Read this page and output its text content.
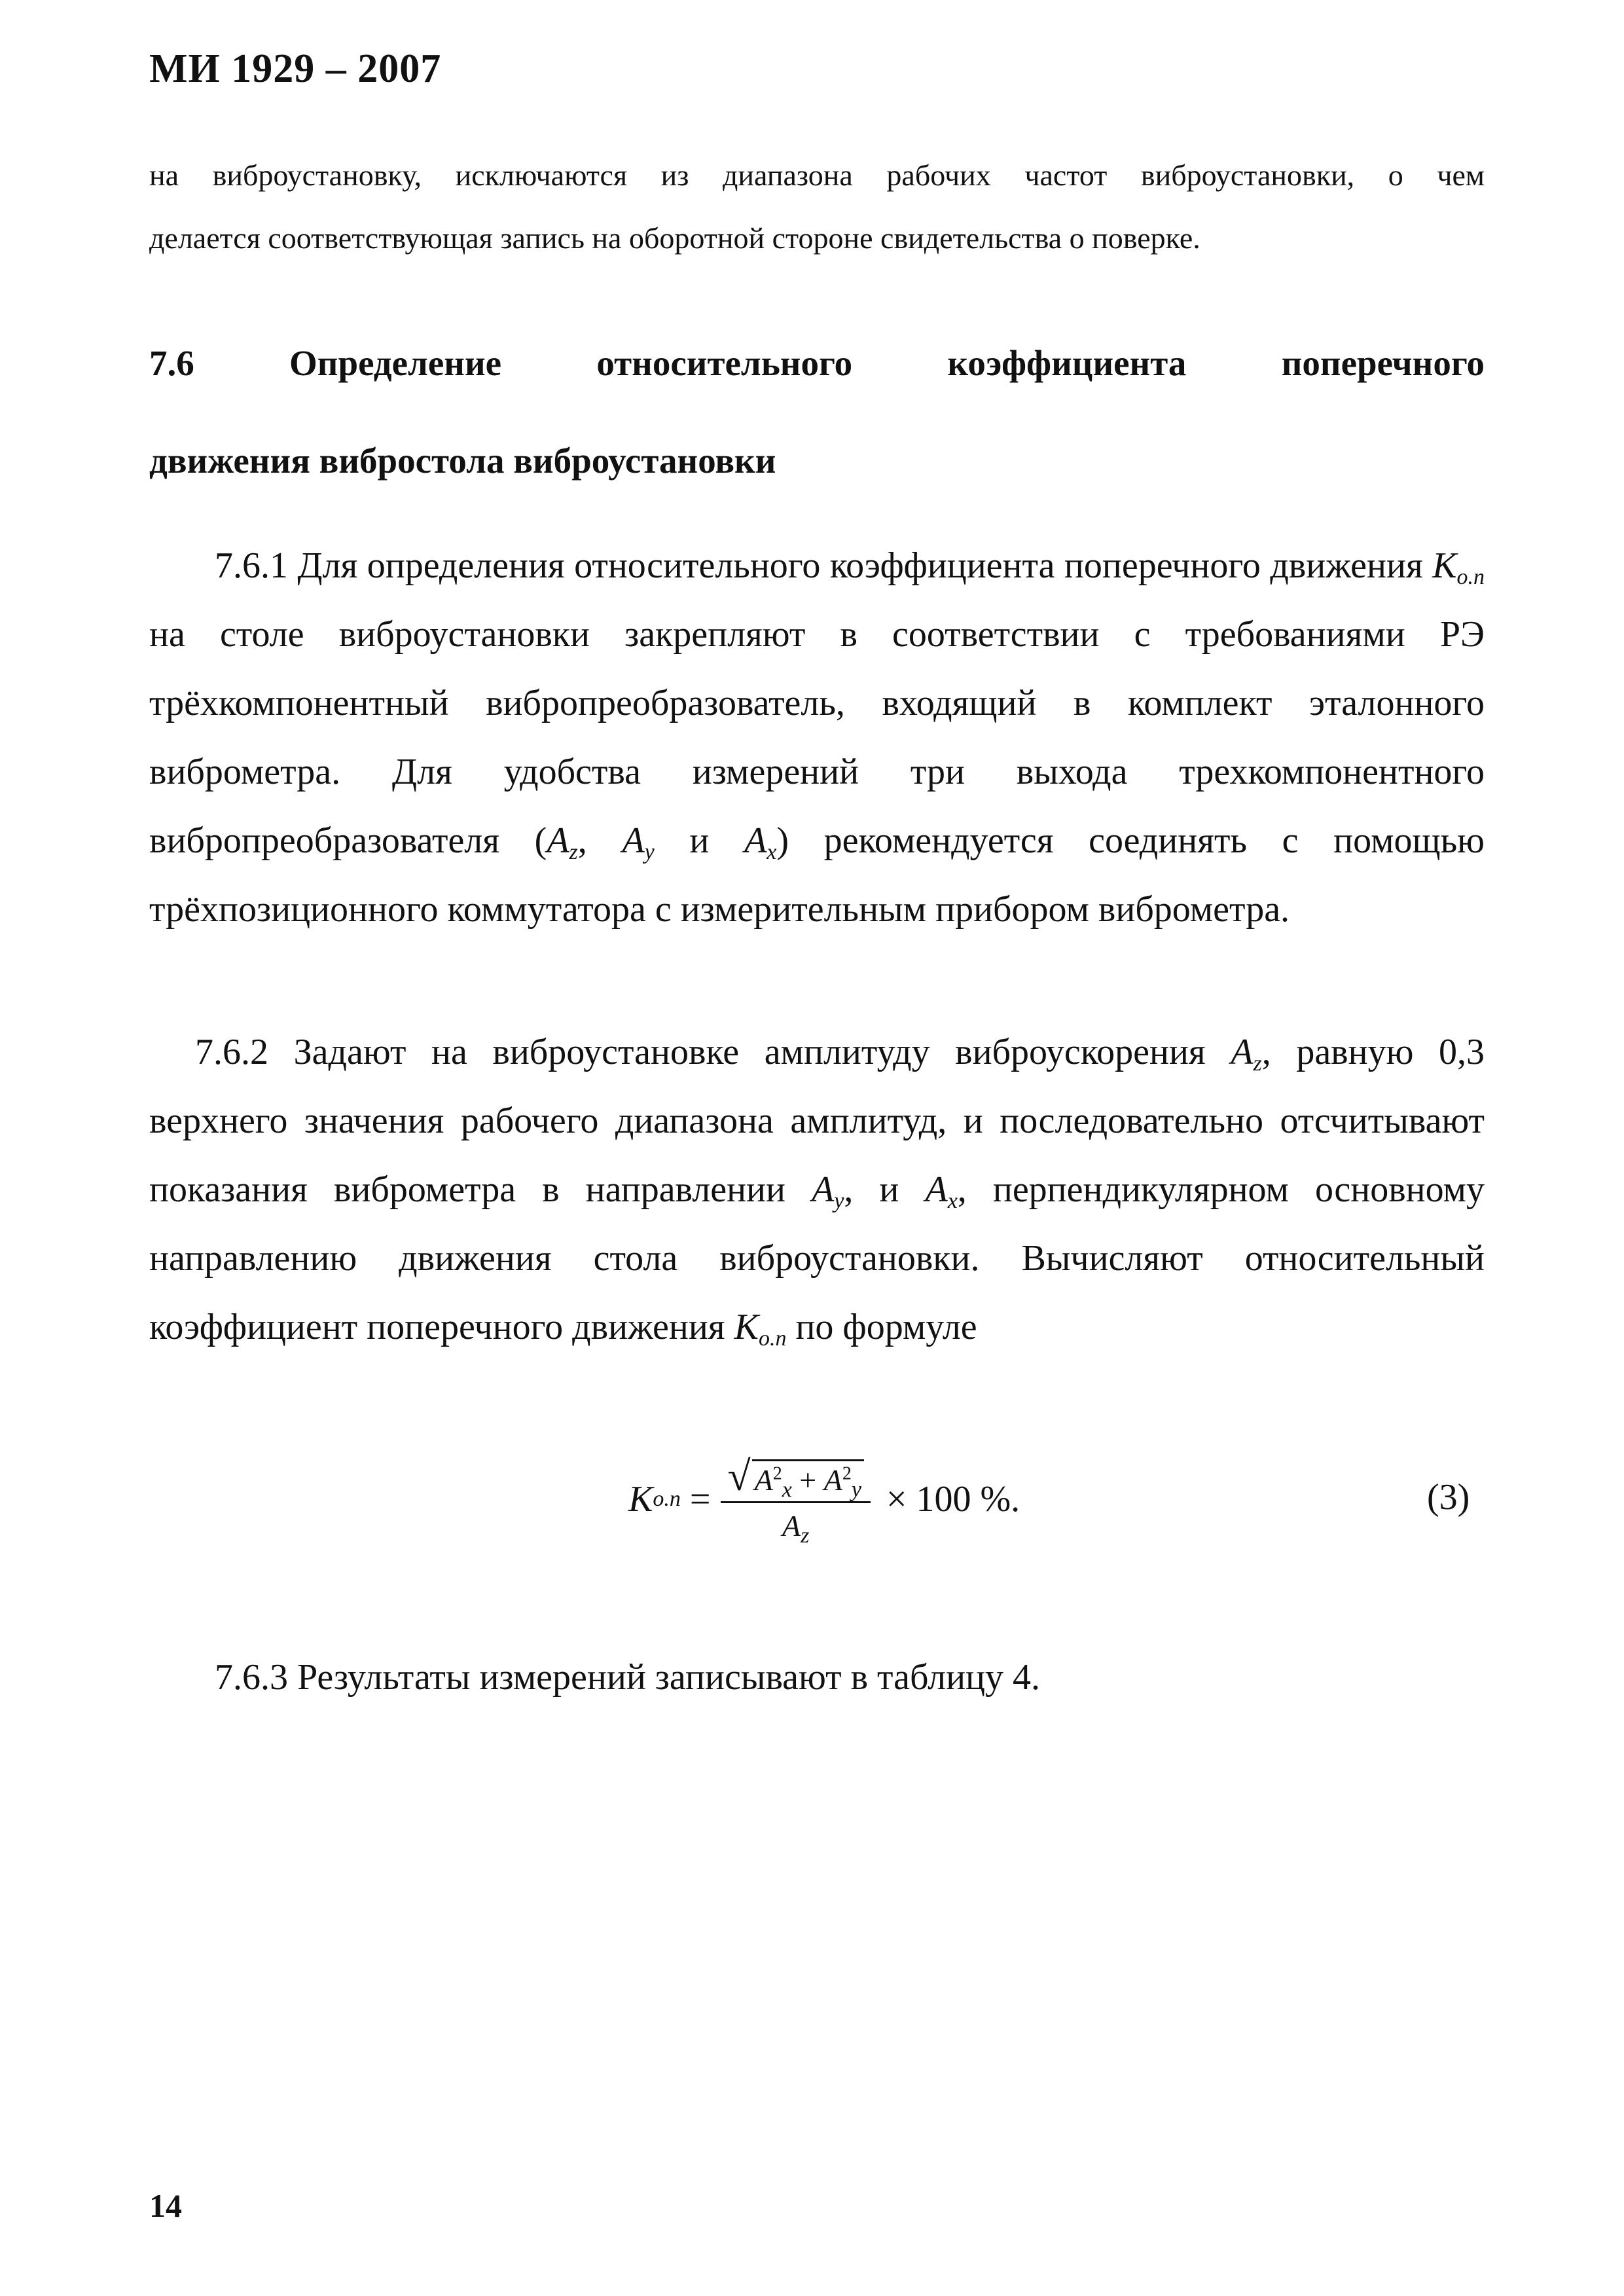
МИ 1929 – 2007
на виброустановку, исключаются из диапазона рабочих частот виброустановки, о чем
делается соответствующая запись на оборотной стороне свидетельства о поверке.
7.6	Определение	относительного	коэффициента	поперечного
движения вибростола виброустановки
7.6.1 Для определения относительного коэффициента поперечного движения $K_{о.п}$ на столе виброустановки закрепляют в соответствии с требованиями РЭ трёхкомпонентный вибропреобразователь, входящий в комплект эталонного виброметра. Для удобства измерений три выхода трехкомпонентного вибропреобразователя ($A_z$, $A_y$ и $A_x$) рекомендуется соединять с помощью трёхпозиционного коммутатора с измерительным прибором виброметра.
7.6.2 Задают на виброустановке амплитуду виброускорения $A_z$, равную 0,3 верхнего значения рабочего диапазона амплитуд, и последовательно отсчитывают показания виброметра в направлении $A_y$, и $A_x$, перпендикулярном основному направлению движения стола виброустановки. Вычисляют относительный коэффициент поперечного движения $K_{о.п}$ по формуле
K $о.п = \frac{√ A^2_x + A^2_y}{A_z} \times 100$ %.	(3)
7.6.3 Результаты измерений записывают в таблицу 4.
14
